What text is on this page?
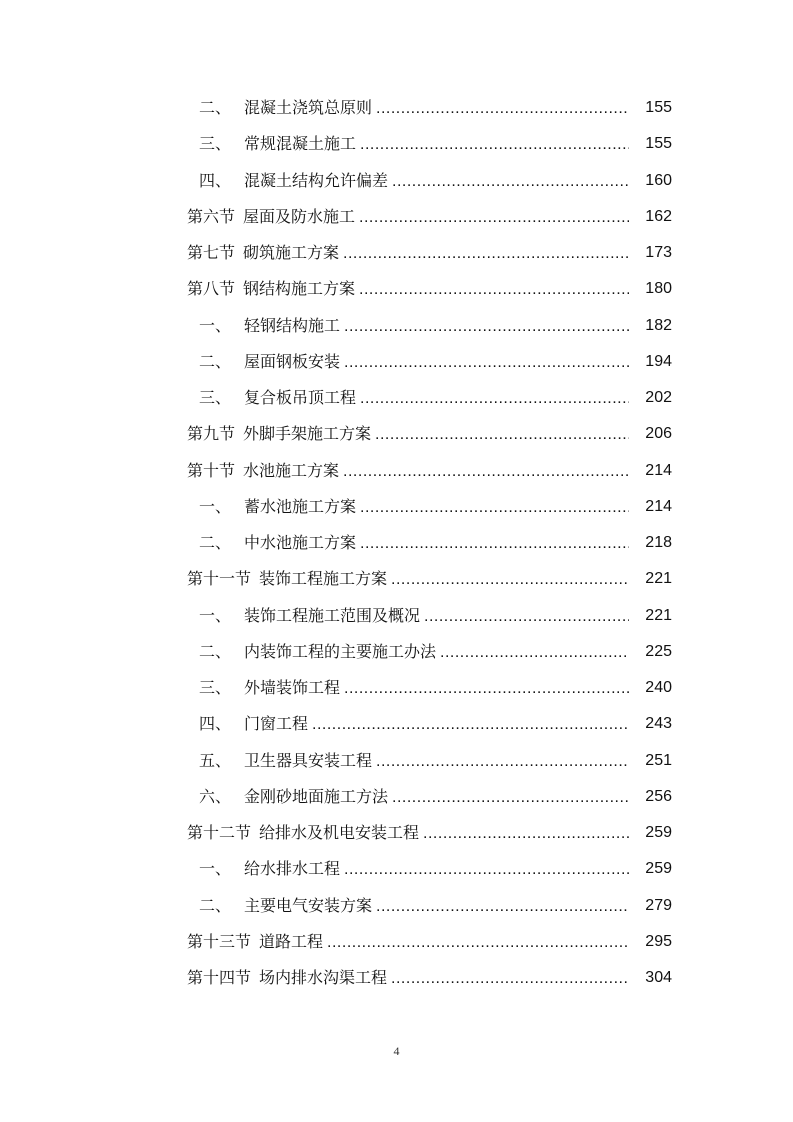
二、 混凝土浇筑总原则 .....	155
三、 常规混凝土施工 .....	155
四、 混凝土结构允许偏差 .....	160
第六节 屋面及防水施工 .....	162
第七节 砌筑施工方案 .....	173
第八节 钢结构施工方案 .....	180
一、 轻钢结构施工 .....	182
二、 屋面钢板安装 .....	194
三、 复合板吊顶工程 .....	202
第九节 外脚手架施工方案 .....	206
第十节 水池施工方案 .....	214
一、 蓄水池施工方案 .....	214
二、 中水池施工方案 .....	218
第十一节 装饰工程施工方案 .....	221
一、 装饰工程施工范围及概况 .....	221
二、 内装饰工程的主要施工办法 .....	225
三、 外墙装饰工程 .....	240
四、 门窗工程 .....	243
五、 卫生器具安装工程 .....	251
六、 金刚砂地面施工方法 .....	256
第十二节 给排水及机电安装工程 .....	259
一、 给水排水工程 .....	259
二、 主要电气安装方案 .....	279
第十三节 道路工程 .....	295
第十四节 场内排水沟渠工程 .....	304
4
